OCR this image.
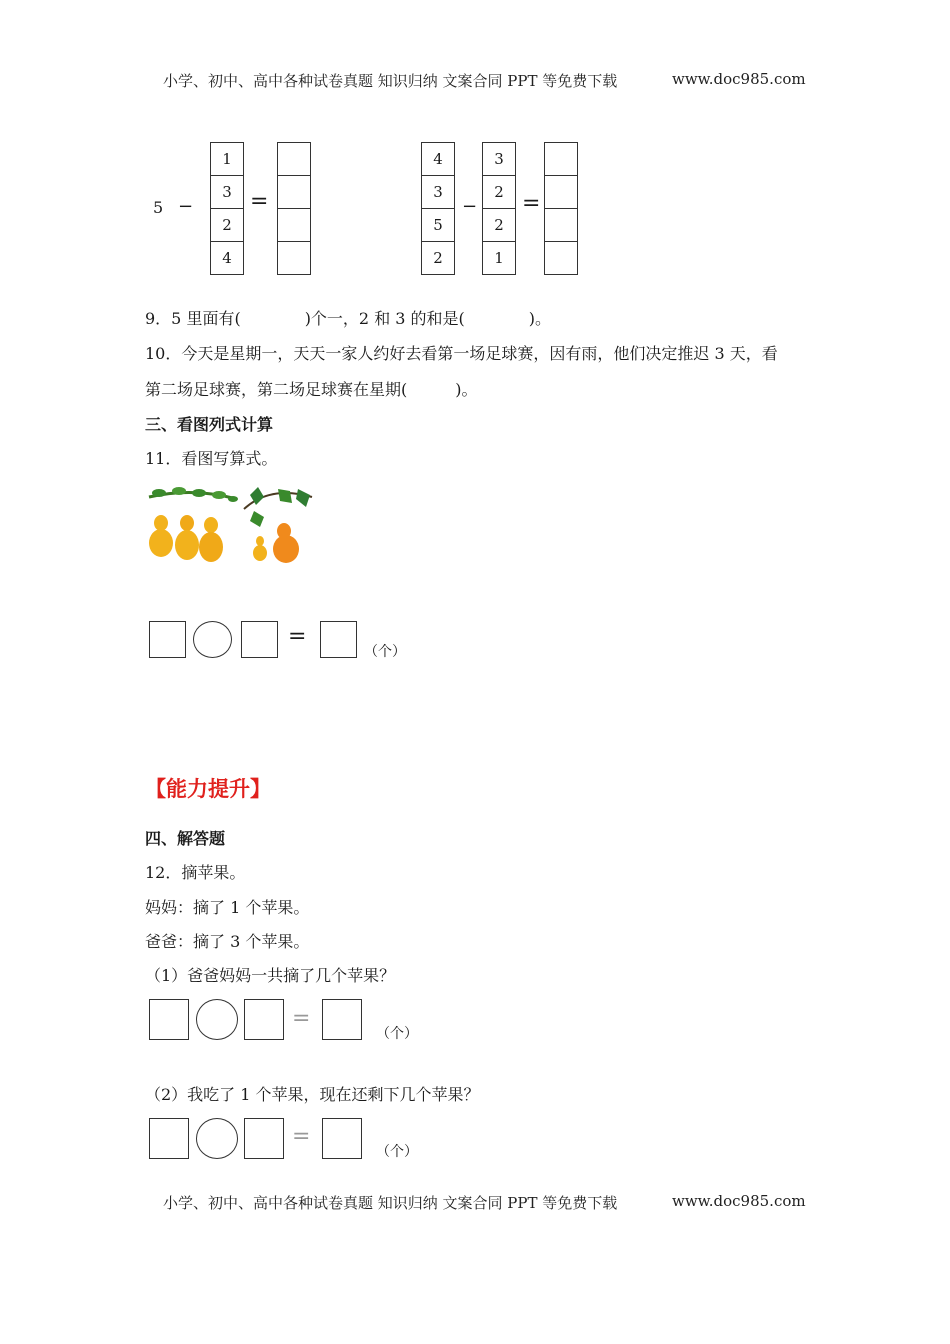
小学、初中、高中各种试卷真题 知识归纳 文案合同 PPT 等免费下载	www.doc985.com
5 −
1
3
2
4
=
4
3
5
2
−
3
2
2
1
=
9．5 里面有(　　　　)个一，2 和 3 的和是(　　　　)。
10．今天是星期一，天天一家人约好去看第一场足球赛，因有雨，他们决定推迟 3 天，看
第二场足球赛，第二场足球赛在星期(　　　)。
三、看图列式计算
11．看图写算式。
=
（个）
【能力提升】
四、解答题
12．摘苹果。
妈妈：摘了 1 个苹果。
爸爸：摘了 3 个苹果。
（1）爸爸妈妈一共摘了几个苹果？
=
（个）
（2）我吃了 1 个苹果，现在还剩下几个苹果？
=
（个）
小学、初中、高中各种试卷真题 知识归纳 文案合同 PPT 等免费下载	www.doc985.com
